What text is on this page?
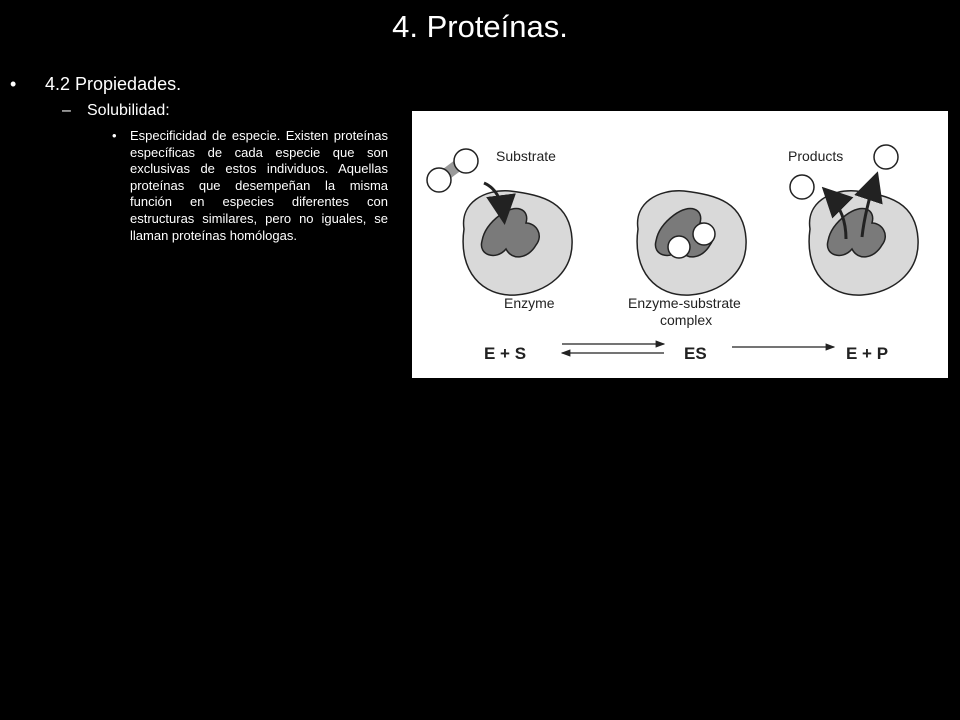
4. Proteínas.
• 4.2 Propiedades.
– Solubilidad:
• Especificidad de especie. Existen proteínas específicas de cada especie que son exclusivas de estos individuos. Aquellas proteínas que desempeñan la misma función en especies diferentes con estructuras similares, pero no iguales, se llaman proteínas homólogas.
Substrate
Enzyme	Enzyme-substrate
complex
Products
E + S	ES	E + P
